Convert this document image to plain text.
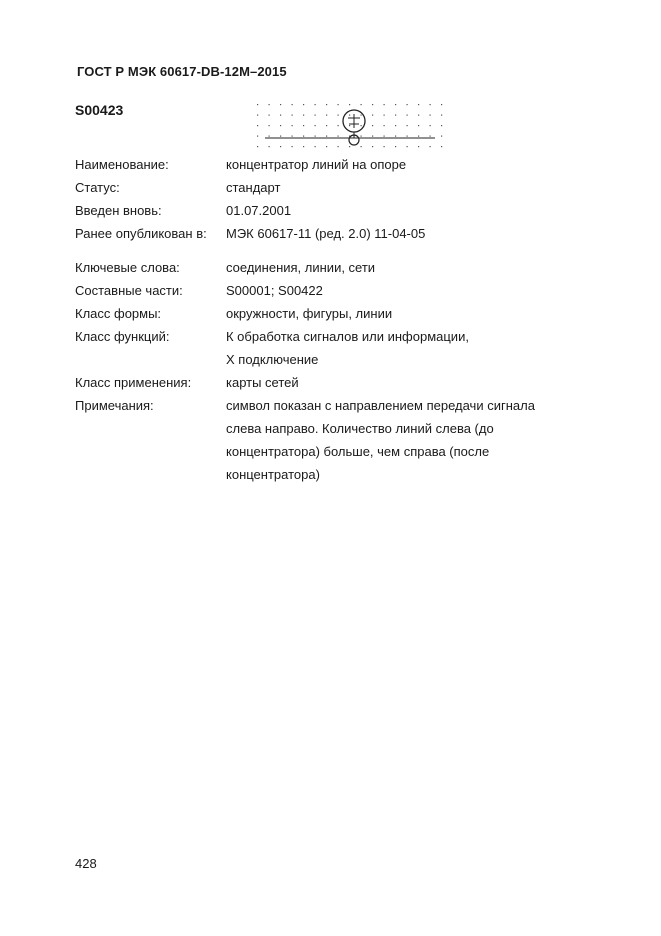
ГОСТ Р МЭК 60617-DB-12M–2015
S00423
Наименование:	концентратор линий на опоре
Статус:	стандарт
Введен вновь:	01.07.2001
Ранее опубликован в:	МЭК 60617-11 (ред. 2.0) 11-04-05
Ключевые слова:	соединения, линии, сети
Составные части:	S00001; S00422
Класс формы:	окружности, фигуры, линии
Класс функций:	К обработка сигналов или информации,
Х подключение
Класс применения:	карты сетей
Примечания:	символ показан с направлением передачи сигнала
слева направо. Количество линий слева (до
концентратора) больше, чем справа (после
концентратора)
428
